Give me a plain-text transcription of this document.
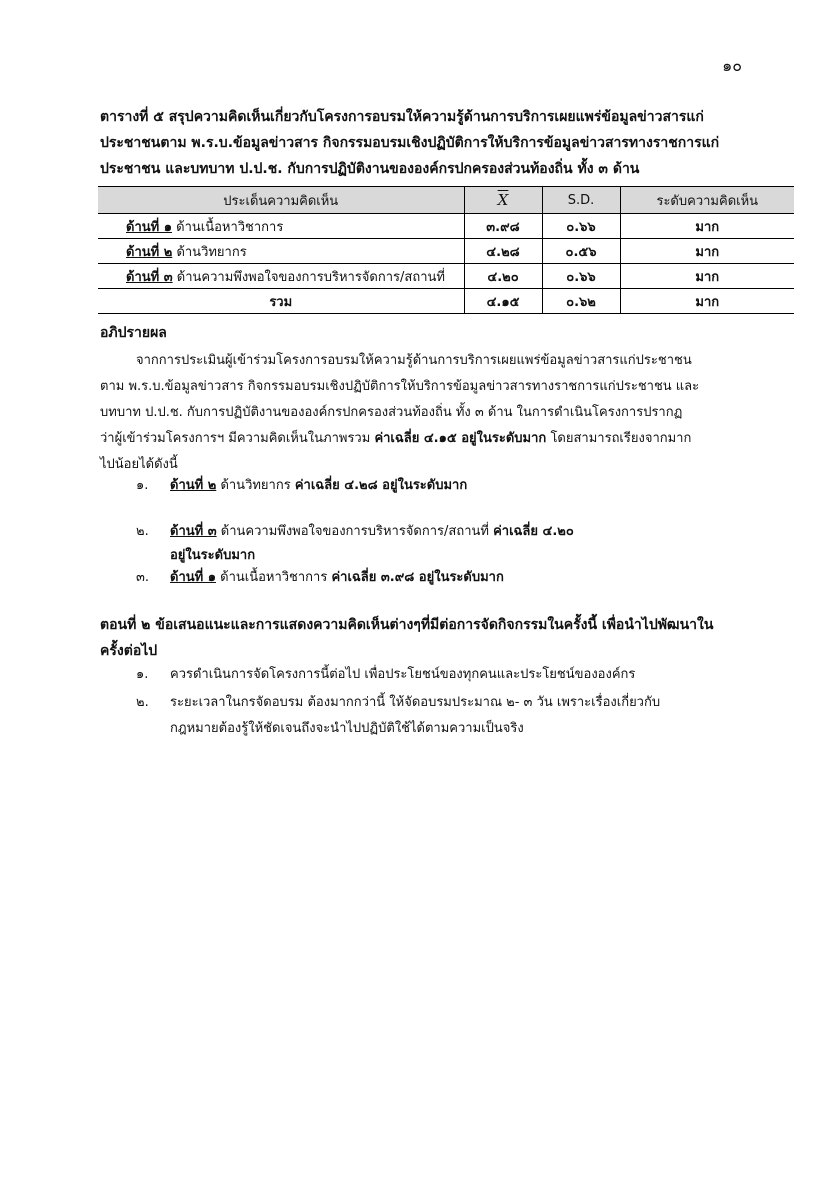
๑๐
ตารางที่ ๕ สรุปความคิดเห็นเกี่ยวกับโครงการอบรมให้ความรู้ด้านการบริการเผยแพร่ข้อมูลข่าวสารแก่
ประชาชนตาม พ.ร.บ.ข้อมูลข่าวสาร กิจกรรมอบรมเชิงปฏิบัติการให้บริการข้อมูลข่าวสารทางราชการแก่
ประชาชน และบทบาท ป.ป.ช. กับการปฏิบัติงานขององค์กรปกครองส่วนท้องถิ่น ทั้ง ๓ ด้าน
ประเด็นความคิดเห็น	$\overline{X}$	S.D.	ระดับความคิดเห็น
ด้านที่ ๑ ด้านเนื้อหาวิชาการ	๓.๙๘	๐.๖๖	มาก
ด้านที่ ๒ ด้านวิทยากร	๔.๒๘	๐.๕๖	มาก
ด้านที่ ๓ ด้านความพึงพอใจของการบริหารจัดการ/สถานที่	๔.๒๐	๐.๖๖	มาก
รวม	๔.๑๕	๐.๖๒	มาก
อภิปรายผล
จากการประเมินผู้เข้าร่วมโครงการอบรมให้ความรู้ด้านการบริการเผยแพร่ข้อมูลข่าวสารแก่ประชาชน
ตาม พ.ร.บ.ข้อมูลข่าวสาร กิจกรรมอบรมเชิงปฏิบัติการให้บริการข้อมูลข่าวสารทางราชการแก่ประชาชน และ
บทบาท ป.ป.ช. กับการปฏิบัติงานขององค์กรปกครองส่วนท้องถิ่น ทั้ง ๓ ด้าน ในการดำเนินโครงการปรากฏ
ว่าผู้เข้าร่วมโครงการฯ มีความคิดเห็นในภาพรวม ค่าเฉลี่ย ๔.๑๕ อยู่ในระดับมาก โดยสามารถเรียงจากมาก
ไปน้อยได้ดังนี้
๑. ด้านที่ ๒ ด้านวิทยากร ค่าเฉลี่ย ๔.๒๘ อยู่ในระดับมาก
๒. ด้านที่ ๓ ด้านความพึงพอใจของการบริหารจัดการ/สถานที่ ค่าเฉลี่ย ๔.๒๐
อยู่ในระดับมาก
๓. ด้านที่ ๑ ด้านเนื้อหาวิชาการ ค่าเฉลี่ย ๓.๙๘ อยู่ในระดับมาก
ตอนที่ ๒ ข้อเสนอแนะและการแสดงความคิดเห็นต่างๆที่มีต่อการจัดกิจกรรมในครั้งนี้ เพื่อนำไปพัฒนาใน
ครั้งต่อไป
๑. ควรดำเนินการจัดโครงการนี้ต่อไป เพื่อประโยชน์ของทุกคนและประโยชน์ขององค์กร
๒. ระยะเวลาในกรจัดอบรม ต้องมากกว่านี้ ให้จัดอบรมประมาณ ๒- ๓ วัน เพราะเรื่องเกี่ยวกับ
กฎหมายต้องรู้ให้ชัดเจนถึงจะนำไปปฏิบัติใช้ได้ตามความเป็นจริง
